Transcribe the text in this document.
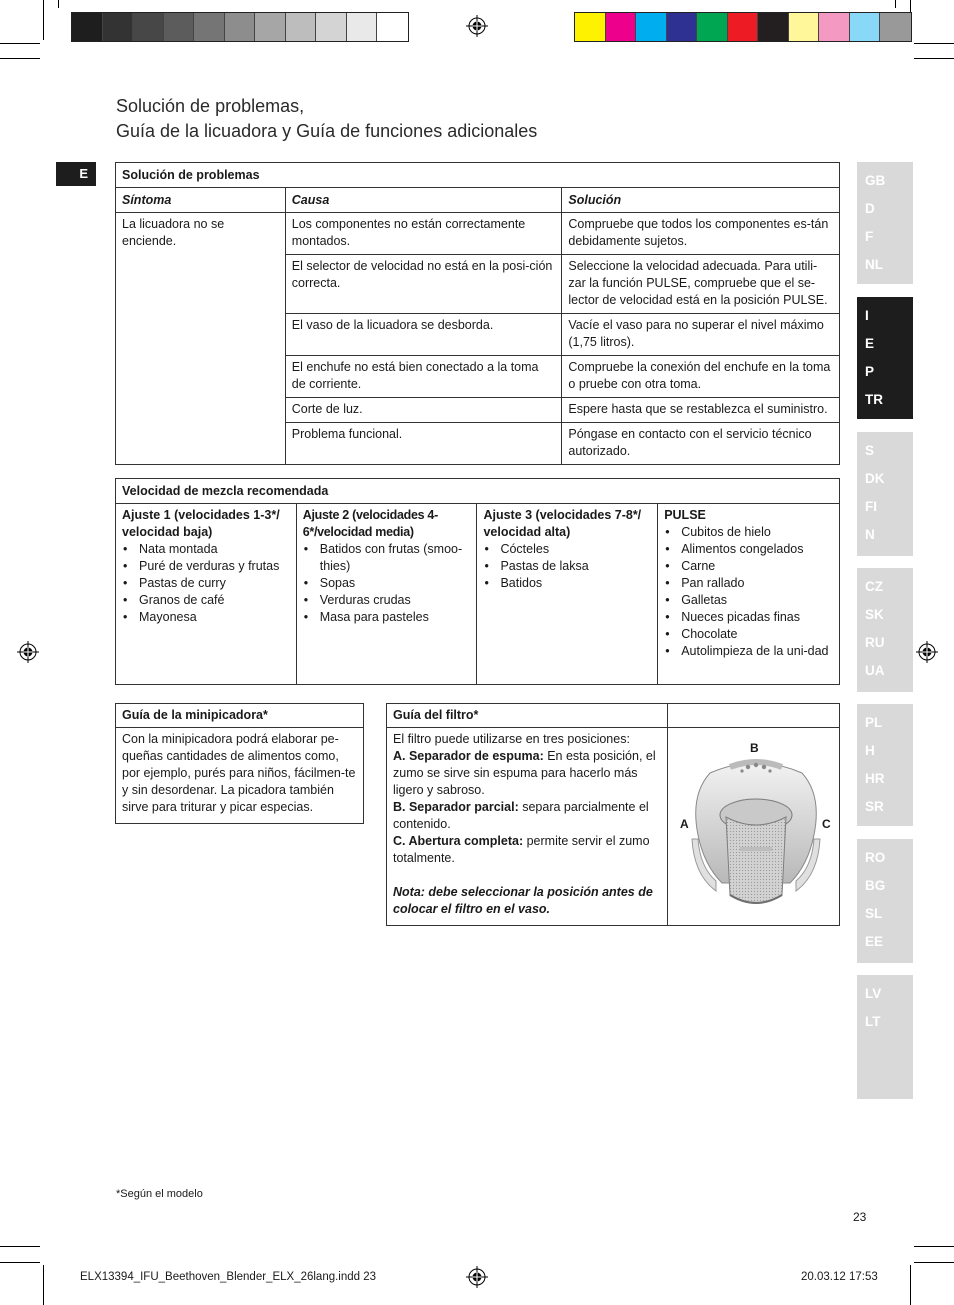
Solución de problemas,
Guía de la licuadora y Guía de funciones adicionales
E	GB
D
F
NL
I
E
P
TR
S
DK
FI
N
CZ
SK
RU
UA
PL
H
HR
SR
RO
BG
SL
EE
LV
LT
Solución de problemas		
Síntoma	Causa	Solución
La licuadora no se enciende.	Los componentes no están correctamente montados.	Compruebe que todos los componentes es-tán debidamente sujetos.
	El selector de velocidad no está en la posi-ción correcta.	Seleccione la velocidad adecuada. Para utili-zar la función PULSE, compruebe que el se-lector de velocidad está en la posición PULSE.
	El vaso de la licuadora se desborda.	Vacíe el vaso para no superar el nivel máximo (1,75 litros).
	El enchufe no está bien conectado a la toma de corriente.	Compruebe la conexión del enchufe en la toma o pruebe con otra toma.
	Corte de luz.	Espere hasta que se restablezca el suministro.
	Problema funcional.	Póngase en contacto con el servicio técnico autorizado.
Velocidad de mezcla recomendada

Ajuste 1 (velocidades 1-3*/ velocidad baja)
• Nata montada
• Puré de verduras y frutas
• Pastas de curry
• Granos de café
• Mayonesa

Ajuste 2 (velocidades 4-6*/velocidad media)
• Batidos con frutas (smoo-thies)
• Sopas
• Verduras crudas
• Masa para pasteles

Ajuste 3 (velocidades 7-8*/ velocidad alta)
• Cócteles
• Pastas de laksa
• Batidos

PULSE
• Cubitos de hielo
• Alimentos congelados
• Carne
• Pan rallado
• Galletas
• Nueces picadas finas
• Chocolate
• Autolimpieza de la uni-dad
Guía de la minipicadora*
Con la minipicadora podrá elaborar pe-queñas cantidades de alimentos como, por ejemplo, purés para niños, fácilmen-te y sin desordenar. La picadora también sirve para triturar y picar especias.
Guía del filtro*
El filtro puede utilizarse en tres posiciones:
A. Separador de espuma: En esta posición, el zumo se sirve sin espuma para hacerlo más ligero y sabroso.
B. Separador parcial: separa parcialmente el contenido.
C. Abertura completa: permite servir el zumo totalmente.
Nota: debe seleccionar la posición antes de colocar el filtro en el vaso.
B
A	C
*Según el modelo
23
ELX13394_IFU_Beethoven_Blender_ELX_26lang.indd 23	20.03.12 17:53
